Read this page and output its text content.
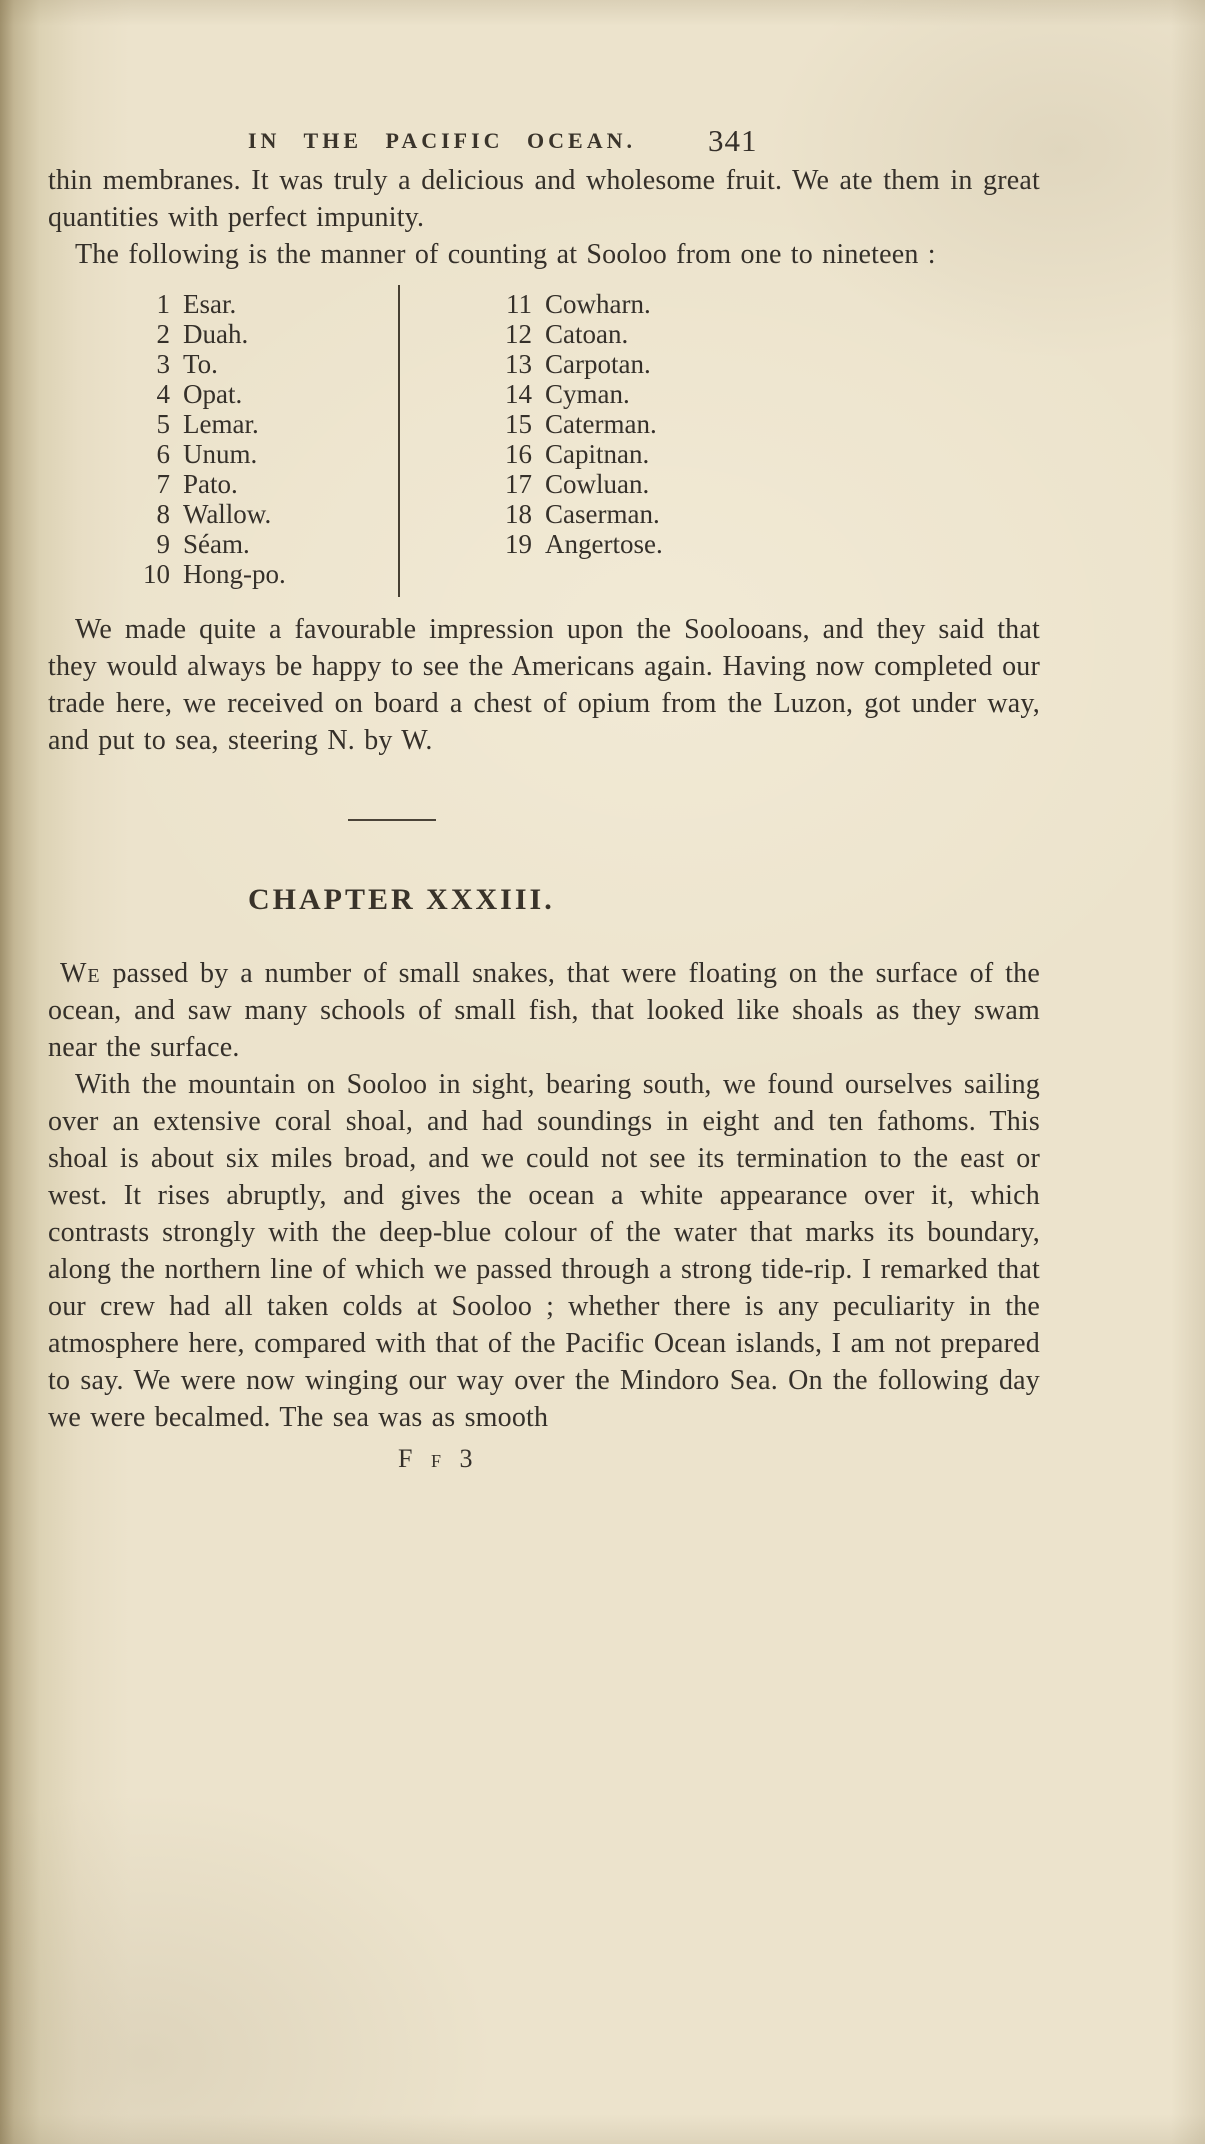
IN THE PACIFIC OCEAN. 341

thin membranes. It was truly a delicious and wholesome fruit. We ate them in great quantities with perfect impunity.

The following is the manner of counting at Sooloo from one to nineteen :

1 Esar.
2 Duah.
3 To.
4 Opat.
5 Lemar.
6 Unum.
7 Pato.
8 Wallow.
9 Séam.
10 Hong-po.
11 Cowharn.
12 Catoan.
13 Carpotan.
14 Cyman.
15 Caterman.
16 Capitnan.
17 Cowluan.
18 Caserman.
19 Angertose.

We made quite a favourable impression upon the Soolooans, and they said that they would always be happy to see the Americans again. Having now completed our trade here, we received on board a chest of opium from the Luzon, got under way, and put to sea, steering N. by W.

CHAPTER XXXIII.

We passed by a number of small snakes, that were floating on the surface of the ocean, and saw many schools of small fish, that looked like shoals as they swam near the surface.

With the mountain on Sooloo in sight, bearing south, we found ourselves sailing over an extensive coral shoal, and had soundings in eight and ten fathoms. This shoal is about six miles broad, and we could not see its termination to the east or west. It rises abruptly, and gives the ocean a white appearance over it, which contrasts strongly with the deep-blue colour of the water that marks its boundary, along the northern line of which we passed through a strong tide-rip. I remarked that our crew had all taken colds at Sooloo ; whether there is any peculiarity in the atmosphere here, compared with that of the Pacific Ocean islands, I am not prepared to say. We were now winging our way over the Mindoro Sea. On the following day we were becalmed. The sea was as smooth

F f 3
